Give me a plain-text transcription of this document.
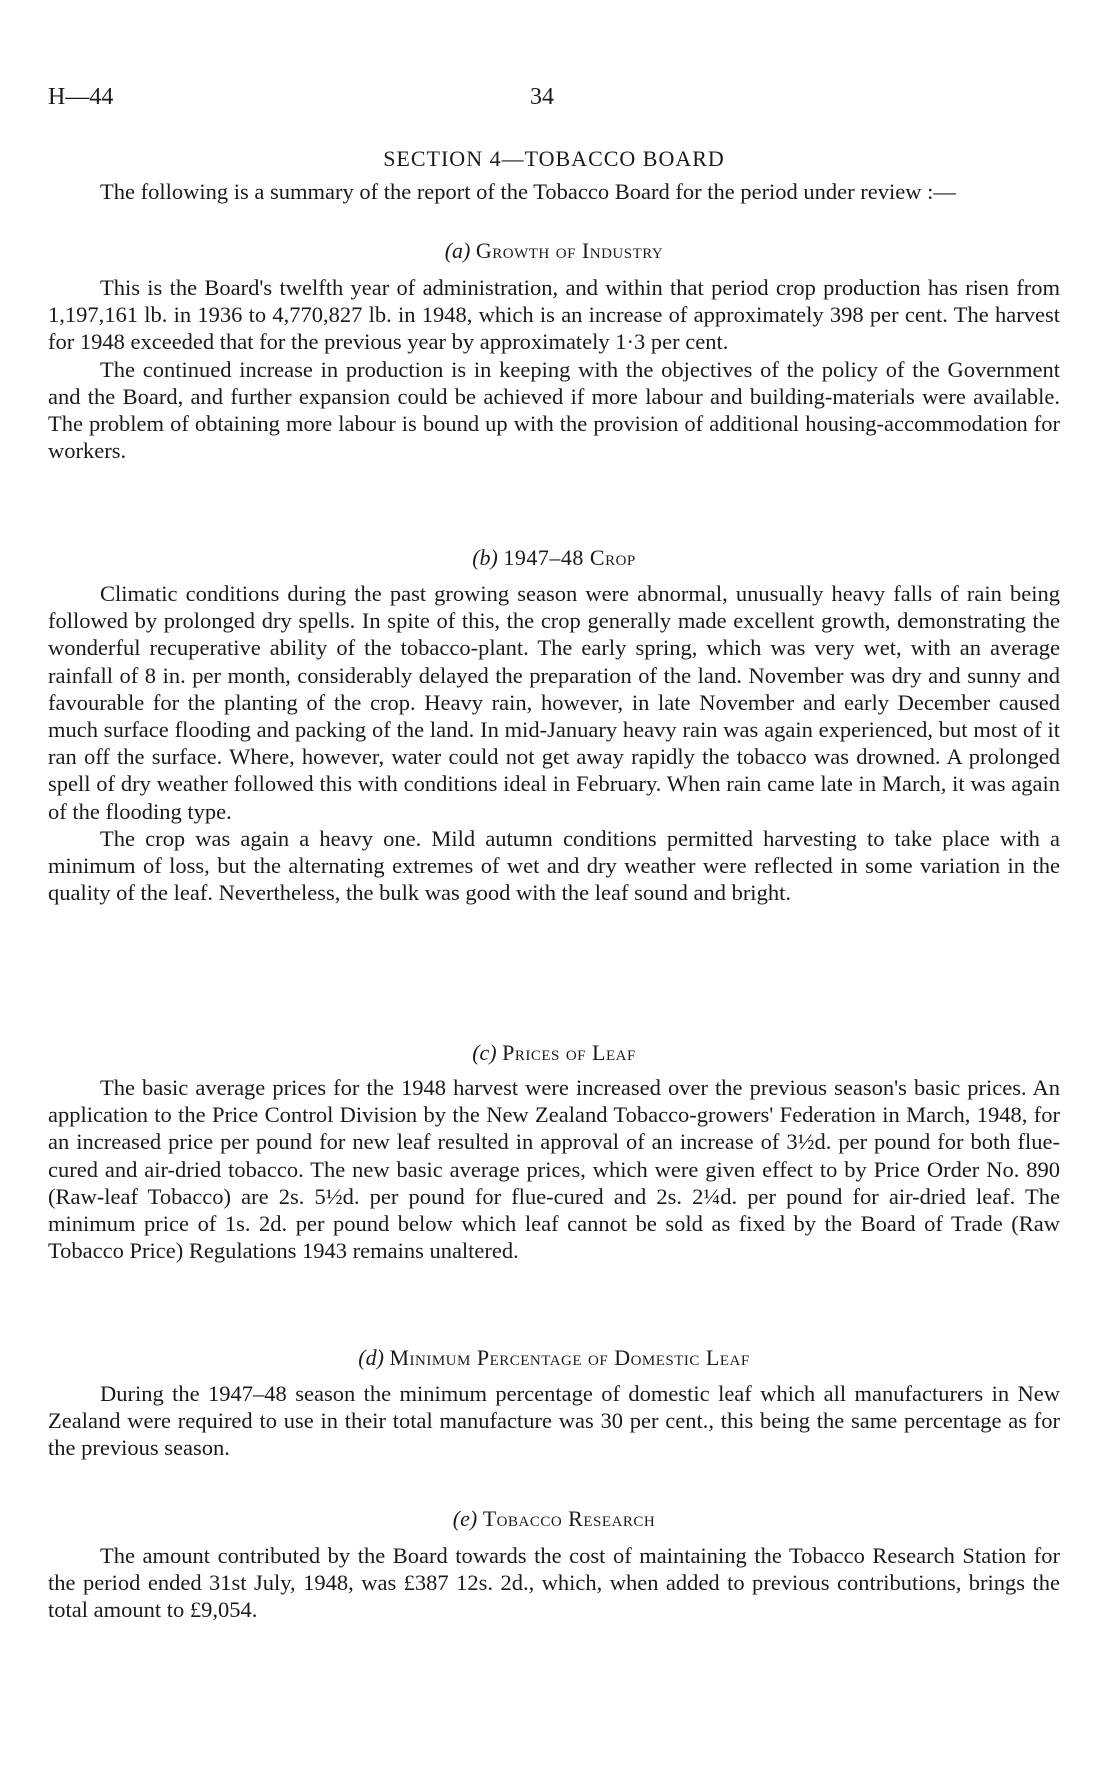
H—44	34
SECTION 4—TOBACCO BOARD

The following is a summary of the report of the Tobacco Board for the period under review :—

(a) Growth of Industry

This is the Board's twelfth year of administration, and within that period crop production has risen from 1,197,161 lb. in 1936 to 4,770,827 lb. in 1948, which is an increase of approximately 398 per cent. The harvest for 1948 exceeded that for the previous year by approximately 1·3 per cent.

The continued increase in production is in keeping with the objectives of the policy of the Government and the Board, and further expansion could be achieved if more labour and building-materials were available. The problem of obtaining more labour is bound up with the provision of additional housing-accommodation for workers.

(b) 1947–48 Crop

Climatic conditions during the past growing season were abnormal, unusually heavy falls of rain being followed by prolonged dry spells. In spite of this, the crop generally made excellent growth, demonstrating the wonderful recuperative ability of the tobacco-plant. The early spring, which was very wet, with an average rainfall of 8 in. per month, considerably delayed the preparation of the land. November was dry and sunny and favourable for the planting of the crop. Heavy rain, however, in late November and early December caused much surface flooding and packing of the land. In mid-January heavy rain was again experienced, but most of it ran off the surface. Where, however, water could not get away rapidly the tobacco was drowned. A prolonged spell of dry weather followed this with conditions ideal in February. When rain came late in March, it was again of the flooding type.

The crop was again a heavy one. Mild autumn conditions permitted harvesting to take place with a minimum of loss, but the alternating extremes of wet and dry weather were reflected in some variation in the quality of the leaf. Nevertheless, the bulk was good with the leaf sound and bright.

(c) Prices of Leaf

The basic average prices for the 1948 harvest were increased over the previous season's basic prices. An application to the Price Control Division by the New Zealand Tobacco-growers' Federation in March, 1948, for an increased price per pound for new leaf resulted in approval of an increase of 3½d. per pound for both flue-cured and air-dried tobacco. The new basic average prices, which were given effect to by Price Order No. 890 (Raw-leaf Tobacco) are 2s. 5½d. per pound for flue-cured and 2s. 2¼d. per pound for air-dried leaf. The minimum price of 1s. 2d. per pound below which leaf cannot be sold as fixed by the Board of Trade (Raw Tobacco Price) Regulations 1943 remains unaltered.

(d) Minimum Percentage of Domestic Leaf

During the 1947–48 season the minimum percentage of domestic leaf which all manufacturers in New Zealand were required to use in their total manufacture was 30 per cent., this being the same percentage as for the previous season.

(e) Tobacco Research

The amount contributed by the Board towards the cost of maintaining the Tobacco Research Station for the period ended 31st July, 1948, was £387 12s. 2d., which, when added to previous contributions, brings the total amount to £9,054.
